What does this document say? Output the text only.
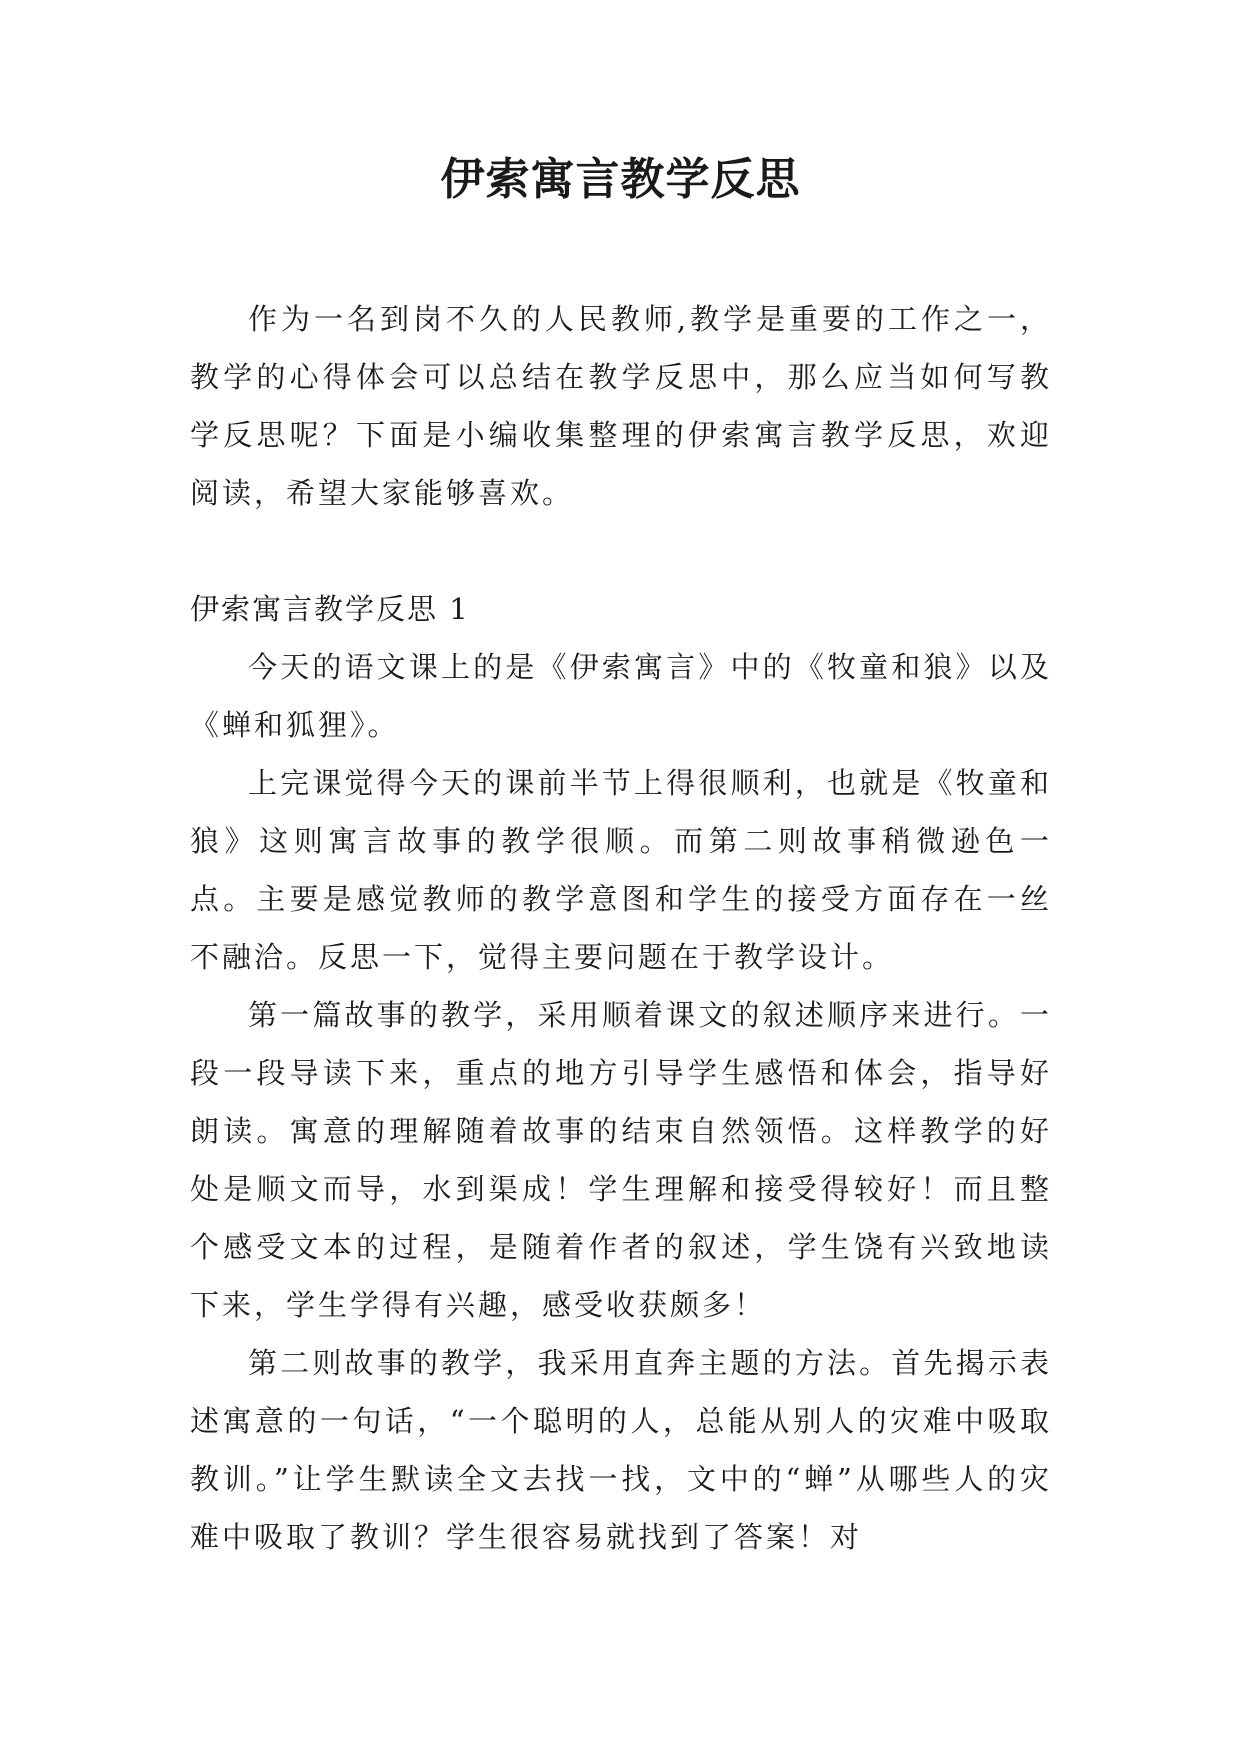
伊索寓言教学反思

作为一名到岗不久的人民教师,教学是重要的工作之一，教学的心得体会可以总结在教学反思中，那么应当如何写教学反思呢？下面是小编收集整理的伊索寓言教学反思，欢迎阅读，希望大家能够喜欢。

伊索寓言教学反思 1

今天的语文课上的是《伊索寓言》中的《牧童和狼》以及《蝉和狐狸》。

上完课觉得今天的课前半节上得很顺利，也就是《牧童和狼》这则寓言故事的教学很顺。而第二则故事稍微逊色一点。主要是感觉教师的教学意图和学生的接受方面存在一丝不融洽。反思一下，觉得主要问题在于教学设计。

第一篇故事的教学，采用顺着课文的叙述顺序来进行。一段一段导读下来，重点的地方引导学生感悟和体会，指导好朗读。寓意的理解随着故事的结束自然领悟。这样教学的好处是顺文而导，水到渠成！学生理解和接受得较好！而且整个感受文本的过程，是随着作者的叙述，学生饶有兴致地读下来，学生学得有兴趣，感受收获颇多！

第二则故事的教学，我采用直奔主题的方法。首先揭示表述寓意的一句话，“一个聪明的人，总能从别人的灾难中吸取教训。”让学生默读全文去找一找，文中的“蝉”从哪些人的灾难中吸取了教训？学生很容易就找到了答案！对
